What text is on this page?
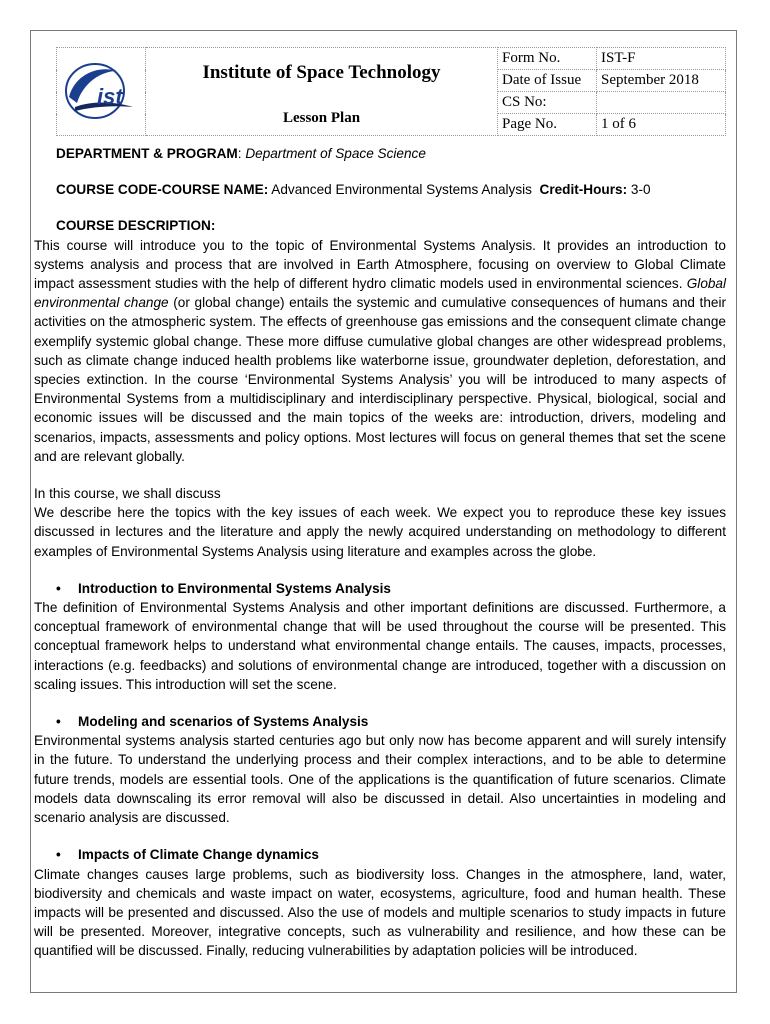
ist	Institute of Space Technology
Lesson Plan	Form No.	IST-F
		Date of Issue	September 2018
		CS No:	
		Page No.	1 of 6

DEPARTMENT & PROGRAM: Department of Space Science

COURSE CODE-COURSE NAME: Advanced Environmental Systems Analysis Credit-Hours: 3-0

COURSE DESCRIPTION:

This course will introduce you to the topic of Environmental Systems Analysis. It provides an introduction to systems analysis and process that are involved in Earth Atmosphere, focusing on overview to Global Climate impact assessment studies with the help of different hydro climatic models used in environmental sciences. Global environmental change (or global change) entails the systemic and cumulative consequences of humans and their activities on the atmospheric system. The effects of greenhouse gas emissions and the consequent climate change exemplify systemic global change. These more diffuse cumulative global changes are other widespread problems, such as climate change induced health problems like waterborne issue, groundwater depletion, deforestation, and species extinction. In the course ‘Environmental Systems Analysis’ you will be introduced to many aspects of Environmental Systems from a multidisciplinary and interdisciplinary perspective. Physical, biological, social and economic issues will be discussed and the main topics of the weeks are: introduction, drivers, modeling and scenarios, impacts, assessments and policy options. Most lectures will focus on general themes that set the scene and are relevant globally.

In this course, we shall discuss

We describe here the topics with the key issues of each week. We expect you to reproduce these key issues discussed in lectures and the literature and apply the newly acquired understanding on methodology to different examples of Environmental Systems Analysis using literature and examples across the globe.

• Introduction to Environmental Systems Analysis

The definition of Environmental Systems Analysis and other important definitions are discussed. Furthermore, a conceptual framework of environmental change that will be used throughout the course will be presented. This conceptual framework helps to understand what environmental change entails. The causes, impacts, processes, interactions (e.g. feedbacks) and solutions of environmental change are introduced, together with a discussion on scaling issues. This introduction will set the scene.

• Modeling and scenarios of Systems Analysis

Environmental systems analysis started centuries ago but only now has become apparent and will surely intensify in the future. To understand the underlying process and their complex interactions, and to be able to determine future trends, models are essential tools. One of the applications is the quantification of future scenarios. Climate models data downscaling its error removal will also be discussed in detail. Also uncertainties in modeling and scenario analysis are discussed.

• Impacts of Climate Change dynamics

Climate changes causes large problems, such as biodiversity loss. Changes in the atmosphere, land, water, biodiversity and chemicals and waste impact on water, ecosystems, agriculture, food and human health. These impacts will be presented and discussed. Also the use of models and multiple scenarios to study impacts in future will be presented. Moreover, integrative concepts, such as vulnerability and resilience, and how these can be quantified will be discussed. Finally, reducing vulnerabilities by adaptation policies will be introduced.
